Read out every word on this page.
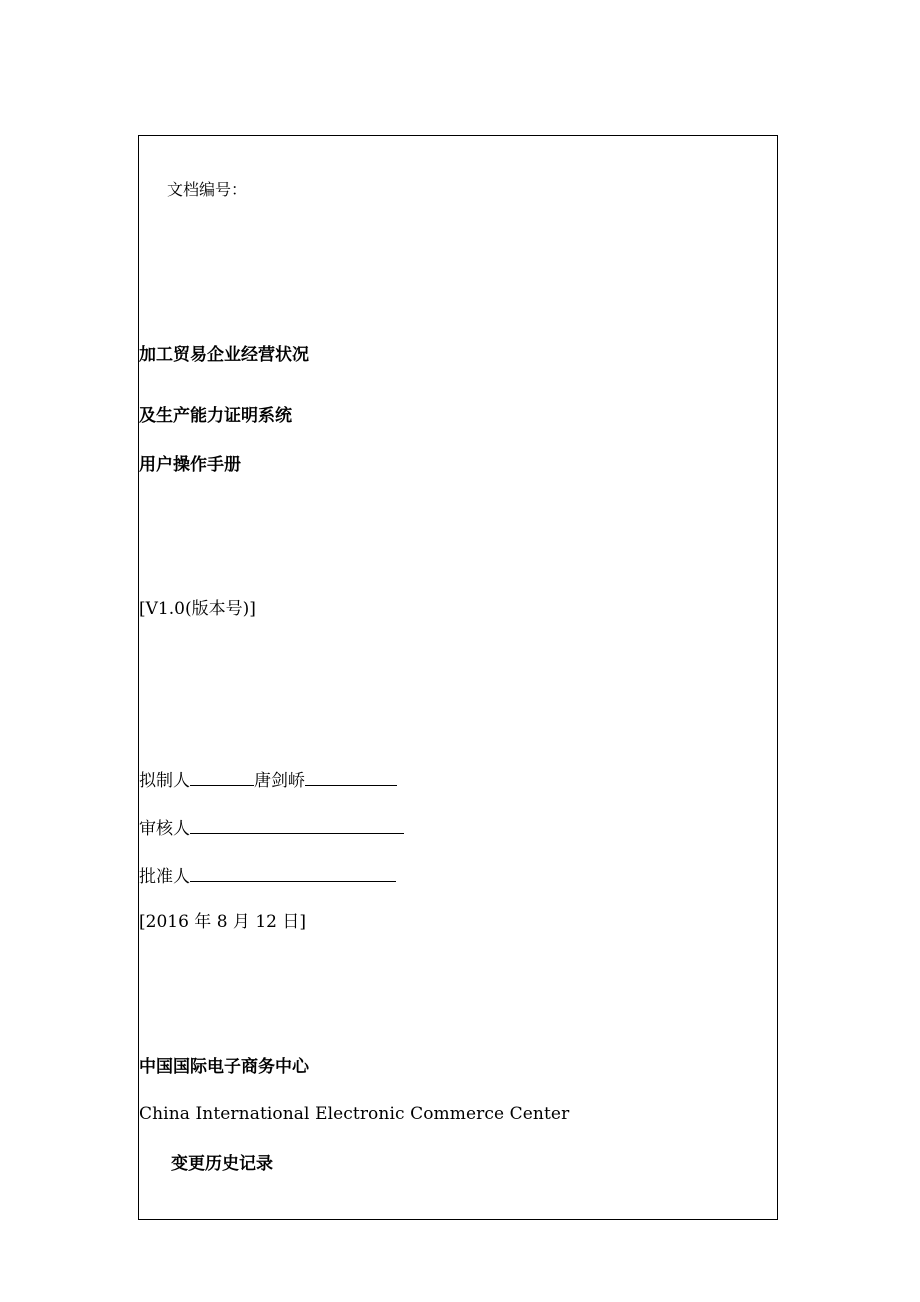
文档编号：
加工贸易企业经营状况
及生产能力证明系统
用户操作手册
[V1.0(版本号)]
拟制人	唐剑峤
审核人
批准人
[2016 年 8 月 12 日]
中国国际电子商务中心
China International Electronic Commerce Center
变更历史记录
